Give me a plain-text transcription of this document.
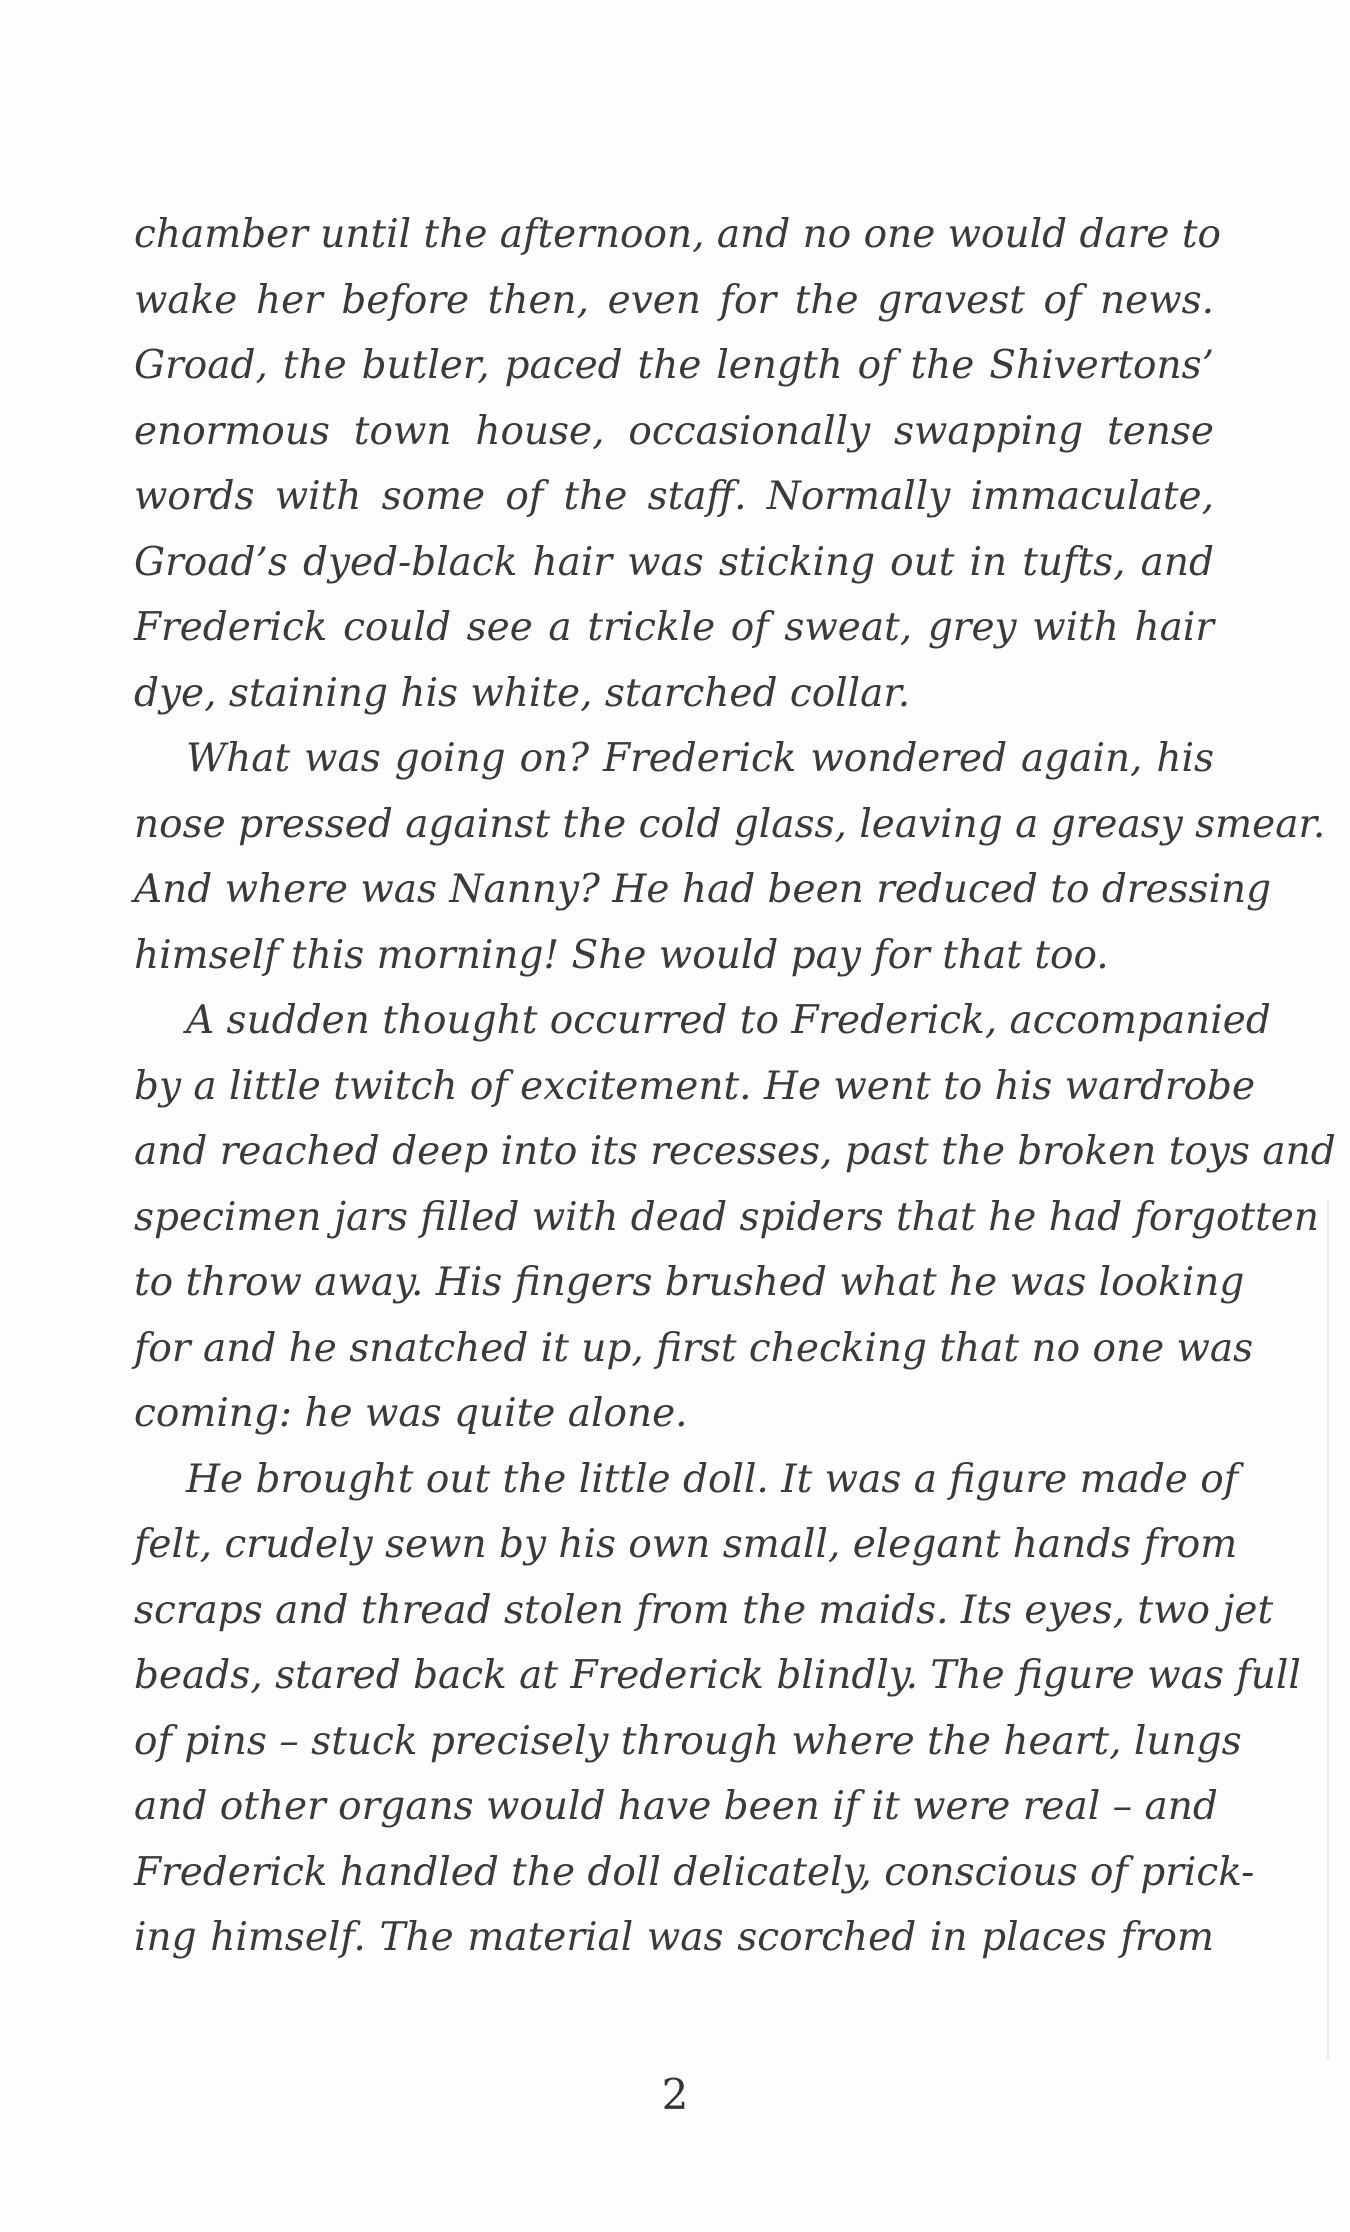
chamber until the afternoon, and no one would dare to
wake her before then, even for the gravest of news.
Groad, the butler, paced the length of the Shivertons’
enormous town house, occasionally swapping tense
words with some of the staff. Normally immaculate,
Groad’s dyed-black hair was sticking out in tufts, and
Frederick could see a trickle of sweat, grey with hair
dye, staining his white, starched collar.
What was going on? Frederick wondered again, his
nose pressed against the cold glass, leaving a greasy smear.
And where was Nanny? He had been reduced to dressing
himself this morning! She would pay for that too.
A sudden thought occurred to Frederick, accompanied
by a little twitch of excitement. He went to his wardrobe
and reached deep into its recesses, past the broken toys and
specimen jars filled with dead spiders that he had forgotten
to throw away. His fingers brushed what he was looking
for and he snatched it up, first checking that no one was
coming: he was quite alone.
He brought out the little doll. It was a figure made of
felt, crudely sewn by his own small, elegant hands from
scraps and thread stolen from the maids. Its eyes, two jet
beads, stared back at Frederick blindly. The figure was full
of pins – stuck precisely through where the heart, lungs
and other organs would have been if it were real – and
Frederick handled the doll delicately, conscious of prick-
ing himself. The material was scorched in places from
2
